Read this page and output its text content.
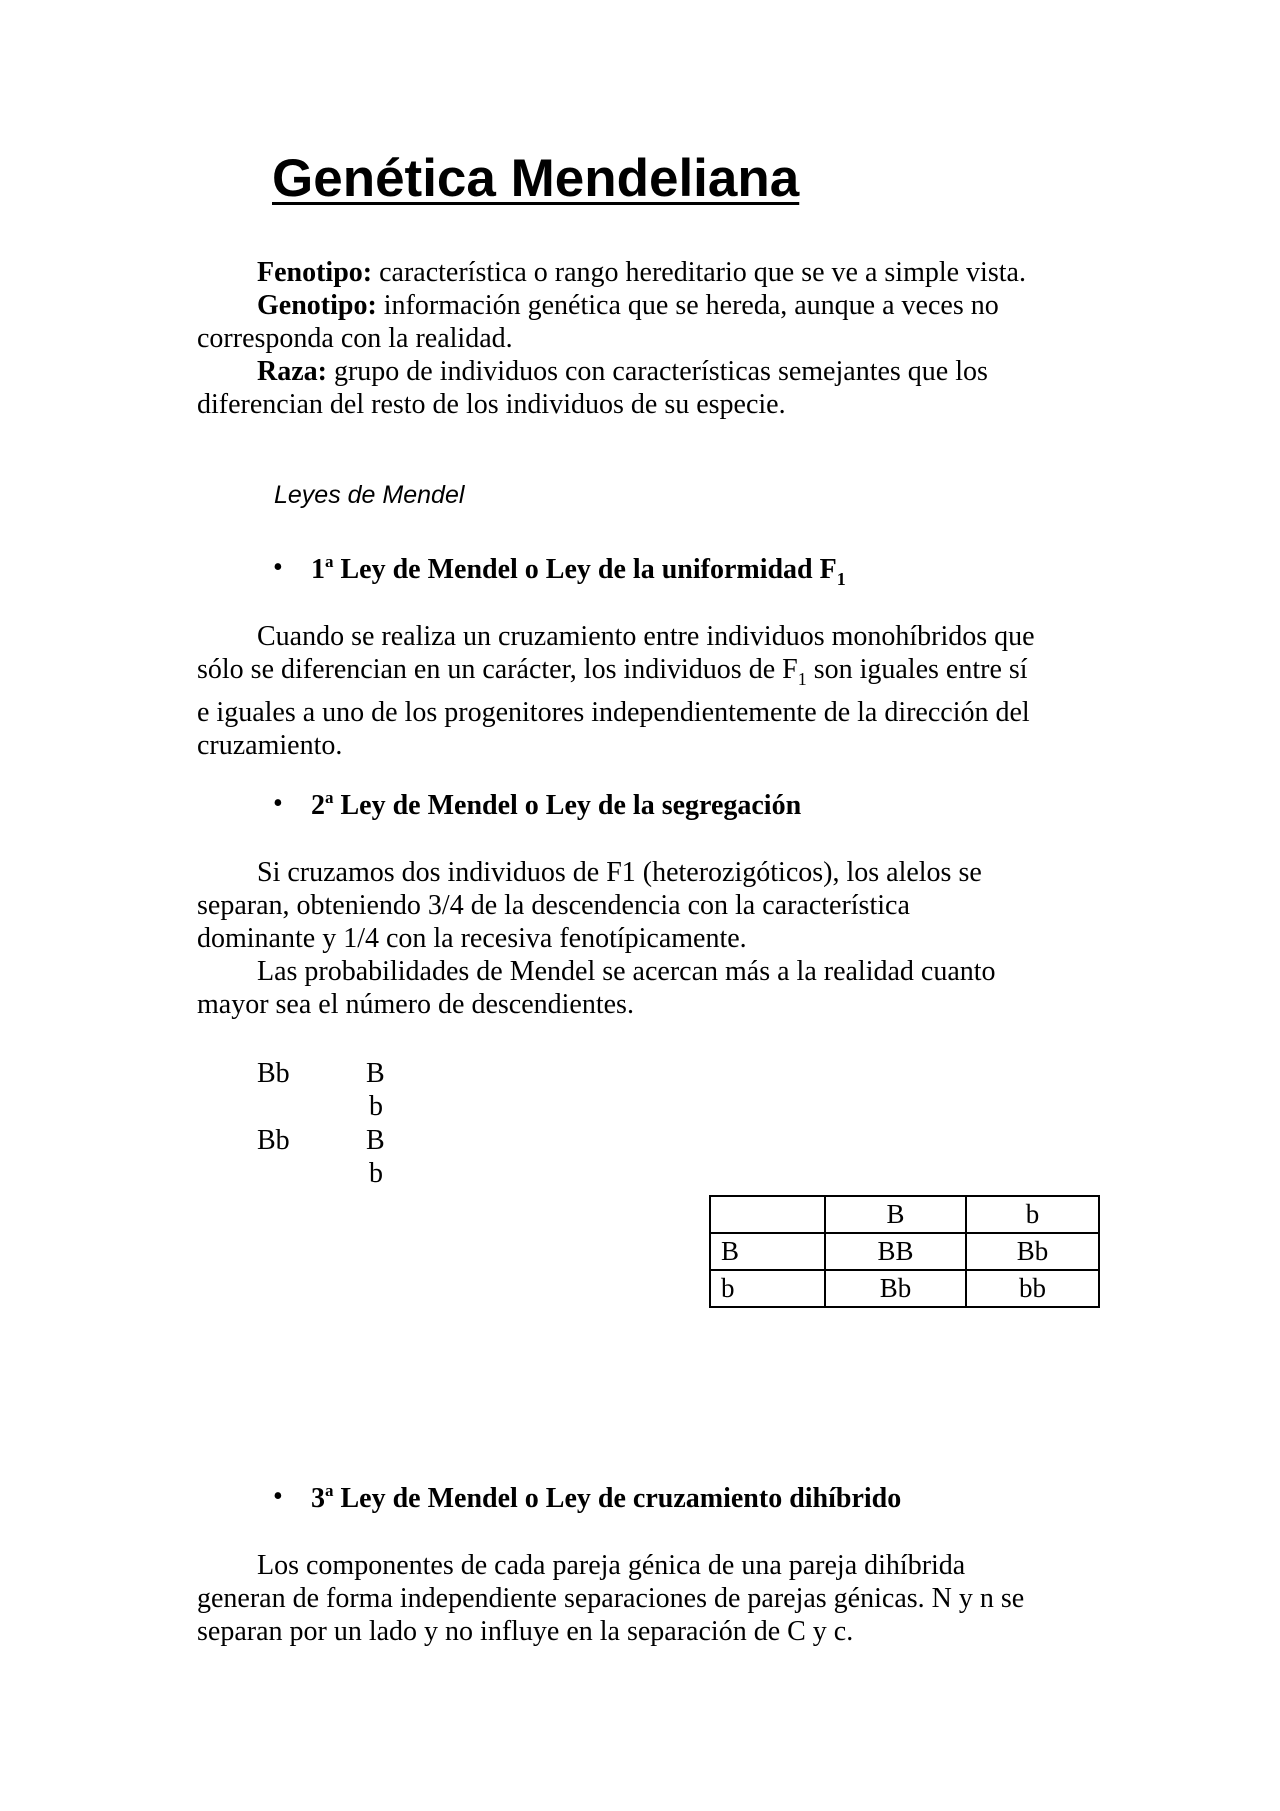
Genética Mendeliana
Fenotipo: característica o rango hereditario que se ve a simple vista.
Genotipo: información genética que se hereda, aunque a veces no
corresponda con la realidad.
Raza: grupo de individuos con características semejantes que los
diferencian del resto de los individuos de su especie.
Leyes de Mendel
• 1$^a$ Ley de Mendel o Ley de la uniformidad $F_1$
Cuando se realiza un cruzamiento entre individuos monohíbridos que
sólo se diferencian en un carácter, los individuos de $F_1$ son iguales entre sí
e iguales a uno de los progenitores independientemente de la dirección del
cruzamiento.
• 2$^a$ Ley de Mendel o Ley de la segregación
Si cruzamos dos individuos de F1 (heterozigóticos), los alelos se
separan, obteniendo 3/4 de la descendencia con la característica
dominante y 1/4 con la recesiva fenotípicamente.
Las probabilidades de Mendel se acercan más a la realidad cuanto
mayor sea el número de descendientes.
Bb	B
b
Bb	B
b
	B	b
B	BB	Bb
b	Bb	bb
• 3$^a$ Ley de Mendel o Ley de cruzamiento dihíbrido
Los componentes de cada pareja génica de una pareja dihíbrida
generan de forma independiente separaciones de parejas génicas. N y n se
separan por un lado y no influye en la separación de C y c.
